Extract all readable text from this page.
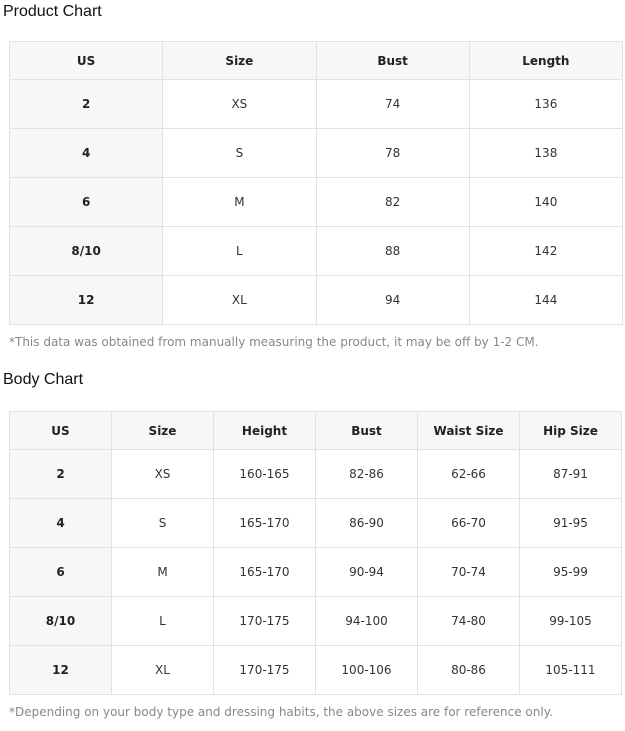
Product Chart
US	Size	Bust	Length
2	XS	74	136
4	S	78	138
6	M	82	140
8/10	L	88	142
12	XL	94	144
*This data was obtained from manually measuring the product, it may be off by 1-2 CM.
Body Chart
US	Size	Height	Bust	Waist Size	Hip Size
2	XS	160-165	82-86	62-66	87-91
4	S	165-170	86-90	66-70	91-95
6	M	165-170	90-94	70-74	95-99
8/10	L	170-175	94-100	74-80	99-105
12	XL	170-175	100-106	80-86	105-111
*Depending on your body type and dressing habits, the above sizes are for reference only.
